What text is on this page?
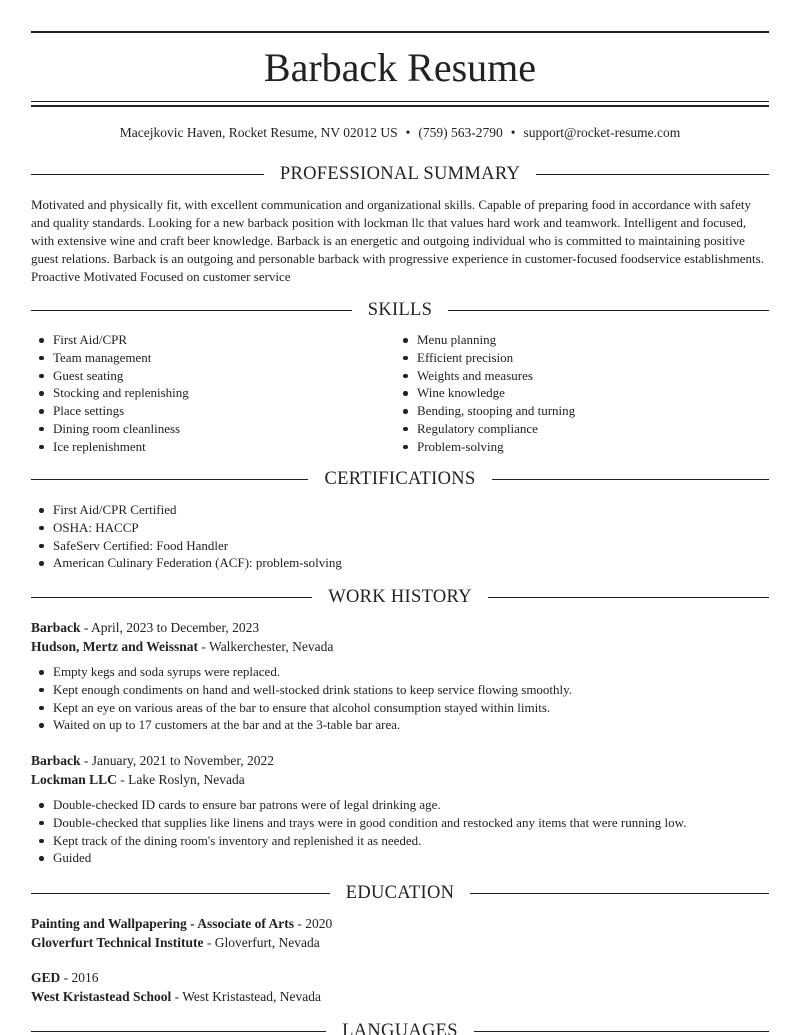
Barback Resume
Macejkovic Haven, Rocket Resume, NV 02012 US • (759) 563-2790 • support@rocket-resume.com
PROFESSIONAL SUMMARY

Motivated and physically fit, with excellent communication and organizational skills. Capable of preparing food in accordance with safety and quality standards. Looking for a new barback position with lockman llc that values hard work and teamwork. Intelligent and focused, with extensive wine and craft beer knowledge. Barback is an energetic and outgoing individual who is committed to maintaining positive guest relations. Barback is an outgoing and personable barback with progressive experience in customer-focused foodservice establishments. Proactive Motivated Focused on customer service

SKILLS
First Aid/CPR
Team management
Guest seating
Stocking and replenishing
Place settings
Dining room cleanliness
Ice replenishment
Menu planning
Efficient precision
Weights and measures
Wine knowledge
Bending, stooping and turning
Regulatory compliance
Problem-solving
CERTIFICATIONS
First Aid/CPR Certified
OSHA: HACCP
SafeServ Certified: Food Handler
American Culinary Federation (ACF): problem-solving
WORK HISTORY
Barback - April, 2023 to December, 2023
Hudson, Mertz and Weissnat - Walkerchester, Nevada
Empty kegs and soda syrups were replaced.
Kept enough condiments on hand and well-stocked drink stations to keep service flowing smoothly.
Kept an eye on various areas of the bar to ensure that alcohol consumption stayed within limits.
Waited on up to 17 customers at the bar and at the 3-table bar area.
Barback - January, 2021 to November, 2022
Lockman LLC - Lake Roslyn, Nevada
Double-checked ID cards to ensure bar patrons were of legal drinking age.
Double-checked that supplies like linens and trays were in good condition and restocked any items that were running low.
Kept track of the dining room's inventory and replenished it as needed.
Guided
EDUCATION
Painting and Wallpapering - Associate of Arts - 2020
Gloverfurt Technical Institute - Gloverfurt, Nevada
GED - 2016
West Kristastead School - West Kristastead, Nevada
LANGUAGES
